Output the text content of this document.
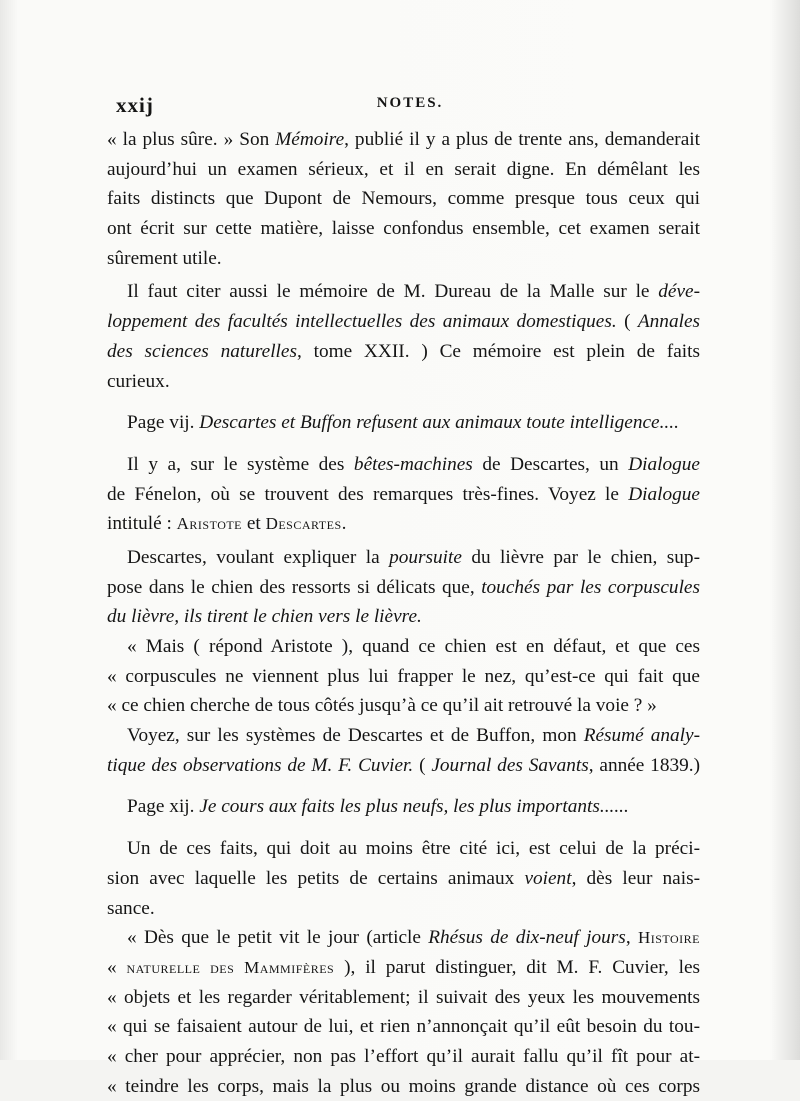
xxij	NOTES.
« la plus sûre. » Son Mémoire, publié il y a plus de trente ans, demanderait
aujourd’hui un examen sérieux, et il en serait digne. En démêlant les
faits distincts que Dupont de Nemours, comme presque tous ceux qui
ont écrit sur cette matière, laisse confondus ensemble, cet examen serait
sûrement utile.
Il faut citer aussi le mémoire de M. Dureau de la Malle sur le déve-
loppement des facultés intellectuelles des animaux domestiques. ( Annales
des sciences naturelles, tome XXII. ) Ce mémoire est plein de faits
curieux.
Page vij. Descartes et Buffon refusent aux animaux toute intelligence....
Il y a, sur le système des bêtes-machines de Descartes, un Dialogue
de Fénelon, où se trouvent des remarques très-fines. Voyez le Dialogue
intitulé : Aristote et Descartes.
Descartes, voulant expliquer la poursuite du lièvre par le chien, sup-
pose dans le chien des ressorts si délicats que, touchés par les corpuscules
du lièvre, ils tirent le chien vers le lièvre.
« Mais ( répond Aristote ), quand ce chien est en défaut, et que ces
« corpuscules ne viennent plus lui frapper le nez, qu’est-ce qui fait que
« ce chien cherche de tous côtés jusqu’à ce qu’il ait retrouvé la voie ? »
Voyez, sur les systèmes de Descartes et de Buffon, mon Résumé analy-
tique des observations de M. F. Cuvier. ( Journal des Savants, année 1839.)
Page xij. Je cours aux faits les plus neufs, les plus importants......
Un de ces faits, qui doit au moins être cité ici, est celui de la préci-
sion avec laquelle les petits de certains animaux voient, dès leur nais-
sance.
« Dès que le petit vit le jour (article Rhésus de dix-neuf jours, Histoire
« naturelle des Mammifères ), il parut distinguer, dit M. F. Cuvier, les
« objets et les regarder véritablement; il suivait des yeux les mouvements
« qui se faisaient autour de lui, et rien n’annonçait qu’il eût besoin du tou-
« cher pour apprécier, non pas l’effort qu’il aurait fallu qu’il fît pour at-
« teindre les corps, mais la plus ou moins grande distance où ces corps
